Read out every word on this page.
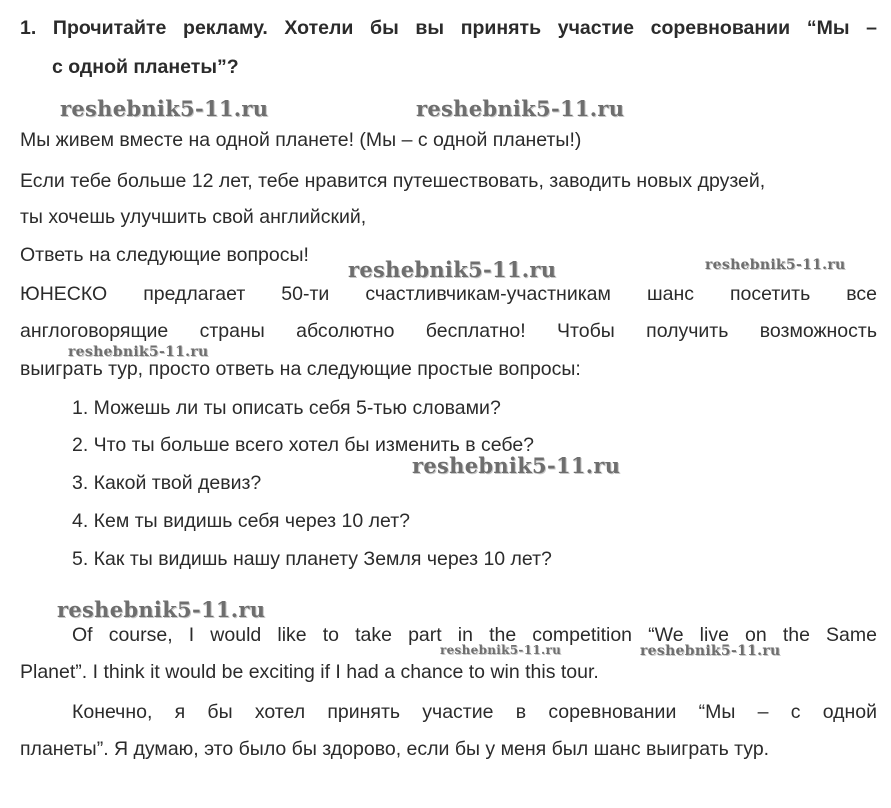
1. Прочитайте рекламу. Хотели бы вы принять участие соревновании “Мы –
с одной планеты”?
Мы живем вместе на одной планете! (Мы – с одной планеты!)
Если тебе больше 12 лет, тебе нравится путешествовать, заводить новых друзей,
ты хочешь улучшить свой английский,
Ответь на следующие вопросы!
ЮНЕСКО предлагает 50-ти счастливчикам-участникам шанс посетить все
англоговорящие страны абсолютно бесплатно! Чтобы получить возможность
выиграть тур, просто ответь на следующие простые вопросы:
1. Можешь ли ты описать себя 5-тью словами?
2. Что ты больше всего хотел бы изменить в себе?
3. Какой твой девиз?
4. Кем ты видишь себя через 10 лет?
5. Как ты видишь нашу планету Земля через 10 лет?
Of course, I would like to take part in the competition “We live on the Same
Planet”. I think it would be exciting if I had a chance to win this tour.
Конечно, я бы хотел принять участие в соревновании “Мы – с одной
планеты”. Я думаю, это было бы здорово, если бы у меня был шанс выиграть тур.
reshebnik5-11.ru	reshebnik5-11.ru
reshebnik5-11.ru	reshebnik5-11.ru
reshebnik5-11.ru
reshebnik5-11.ru
reshebnik5-11.ru
reshebnik5-11.ru	reshebnik5-11.ru
